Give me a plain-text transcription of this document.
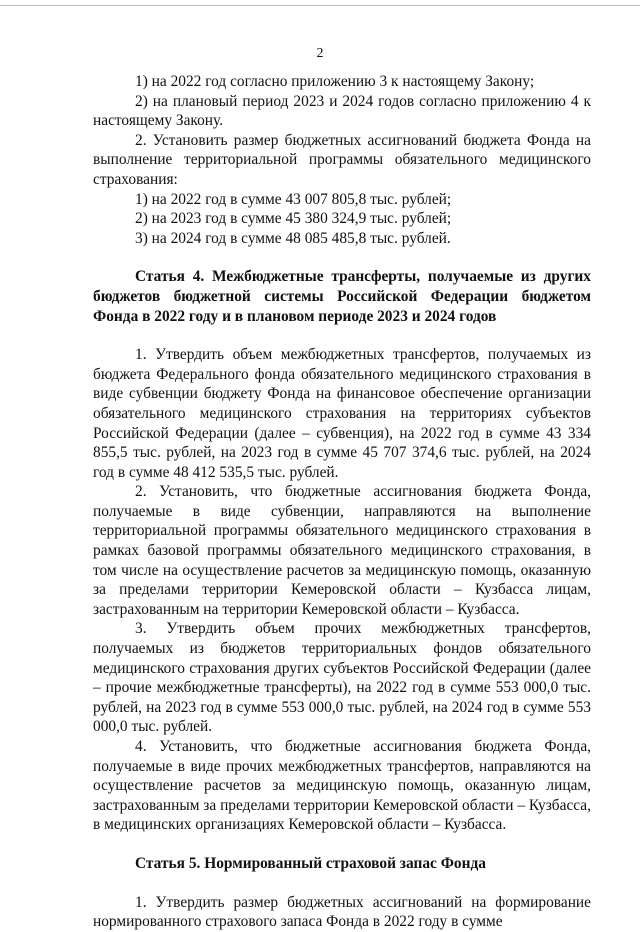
2

1) на 2022 год согласно приложению 3 к настоящему Закону;

2) на плановый период 2023 и 2024 годов согласно приложению 4 к настоящему Закону.

2. Установить размер бюджетных ассигнований бюджета Фонда на выполнение территориальной программы обязательного медицинского страхования:

1) на 2022 год в сумме 43 007 805,8 тыс. рублей;

2) на 2023 год в сумме 45 380 324,9 тыс. рублей;

3) на 2024 год в сумме 48 085 485,8 тыс. рублей.

Статья 4. Межбюджетные трансферты, получаемые из других бюджетов бюджетной системы Российской Федерации бюджетом Фонда в 2022 году и в плановом периоде 2023 и 2024 годов

1. Утвердить объем межбюджетных трансфертов, получаемых из бюджета Федерального фонда обязательного медицинского страхования в виде субвенции бюджету Фонда на финансовое обеспечение организации обязательного медицинского страхования на территориях субъектов Российской Федерации (далее – субвенция), на 2022 год в сумме 43 334 855,5 тыс. рублей, на 2023 год в сумме 45 707 374,6 тыс. рублей, на 2024 год в сумме 48 412 535,5 тыс. рублей.

2. Установить, что бюджетные ассигнования бюджета Фонда, получаемые в виде субвенции, направляются на выполнение территориальной программы обязательного медицинского страхования в рамках базовой программы обязательного медицинского страхования, в том числе на осуществление расчетов за медицинскую помощь, оказанную за пределами территории Кемеровской области – Кузбасса лицам, застрахованным на территории Кемеровской области – Кузбасса.

3. Утвердить объем прочих межбюджетных трансфертов, получаемых из бюджетов территориальных фондов обязательного медицинского страхования других субъектов Российской Федерации (далее – прочие межбюджетные трансферты), на 2022 год в сумме 553 000,0 тыс. рублей, на 2023 год в сумме 553 000,0 тыс. рублей, на 2024 год в сумме 553 000,0 тыс. рублей.

4. Установить, что бюджетные ассигнования бюджета Фонда, получаемые в виде прочих межбюджетных трансфертов, направляются на осуществление расчетов за медицинскую помощь, оказанную лицам, застрахованным за пределами территории Кемеровской области – Кузбасса, в медицинских организациях Кемеровской области – Кузбасса.

Статья 5. Нормированный страховой запас Фонда

1. Утвердить размер бюджетных ассигнований на формирование нормированного страхового запаса Фонда в 2022 году в сумме
